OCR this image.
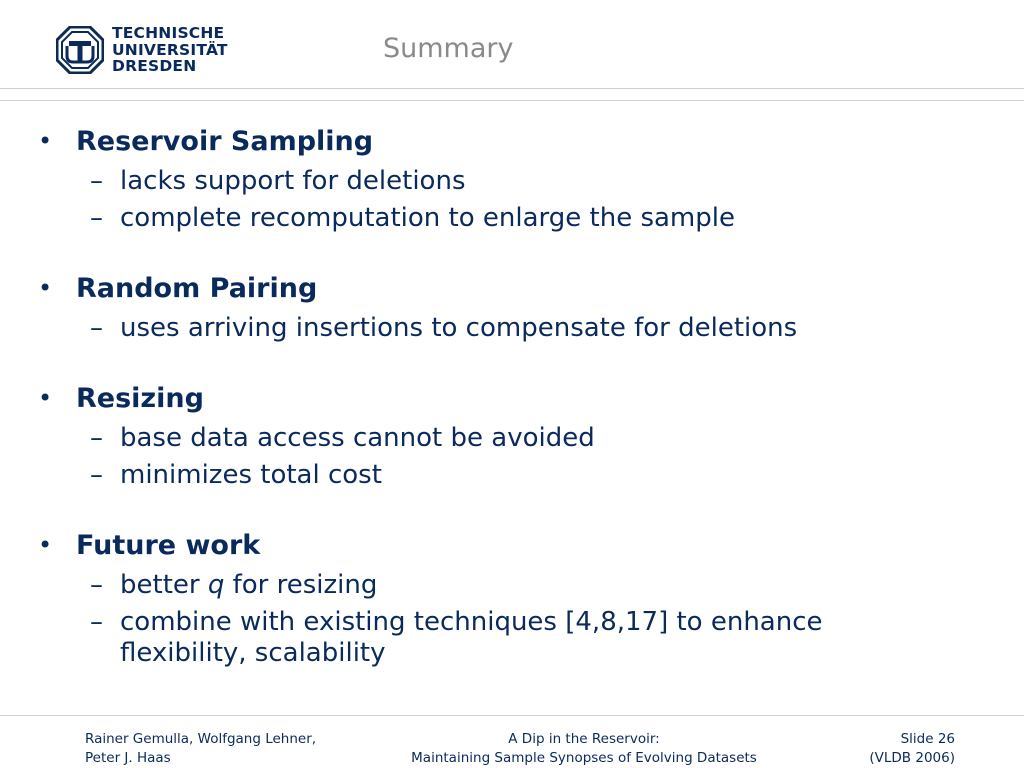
TECHNISCHE
UNIVERSITÄT
DRESDEN
Summary
• Reservoir Sampling
– lacks support for deletions
– complete recomputation to enlarge the sample
• Random Pairing
– uses arriving insertions to compensate for deletions
• Resizing
– base data access cannot be avoided
– minimizes total cost
• Future work
– better q for resizing
– combine with existing techniques [4,8,17] to enhance
flexibility, scalability
Rainer Gemulla, Wolfgang Lehner,
Peter J. Haas
A Dip in the Reservoir:
Maintaining Sample Synopses of Evolving Datasets
Slide 26
(VLDB 2006)
